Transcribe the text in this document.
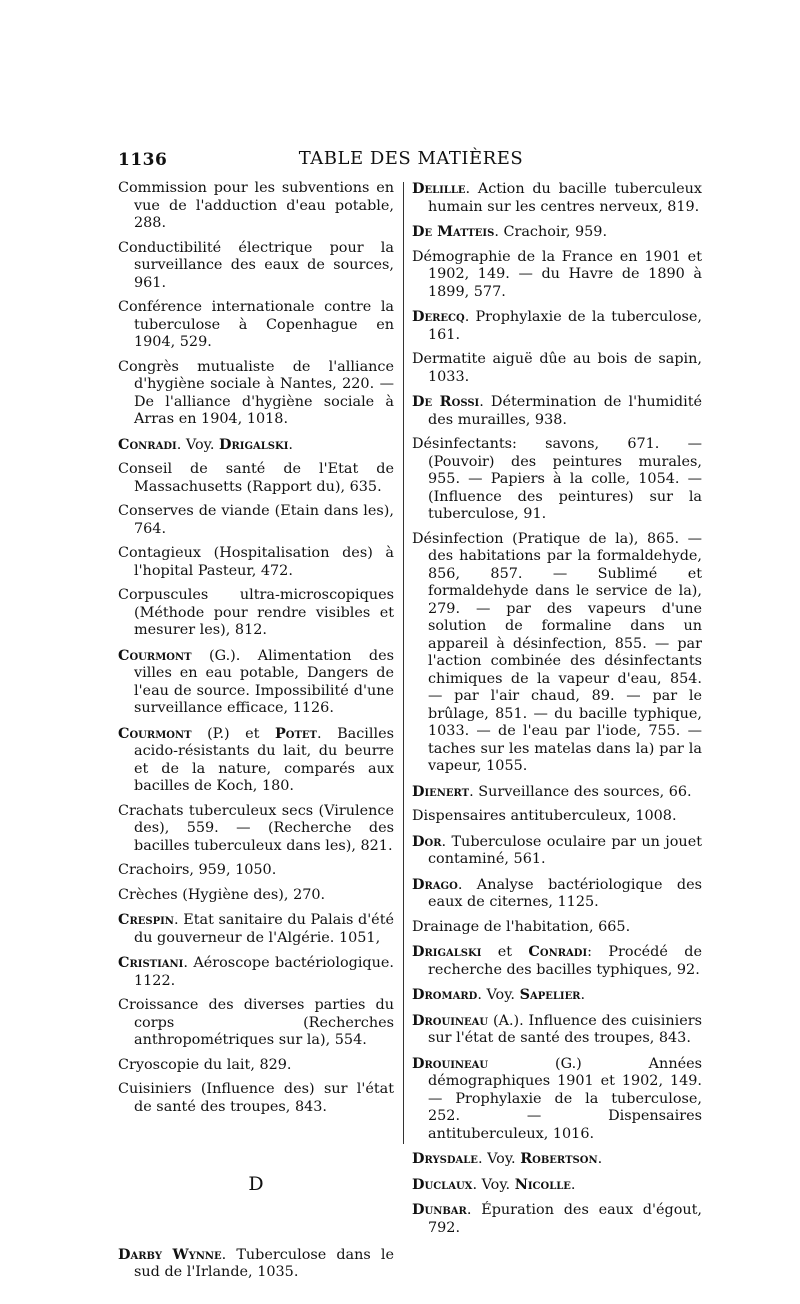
1136	TABLE DES MATIÈRES

Commission pour les subventions en vue de l'adduction d'eau potable, 288.

Conductibilité électrique pour la surveillance des eaux de sources, 961.

Conférence internationale contre la tuberculose à Copenhague en 1904, 529.

Congrès mutualiste de l'alliance d'hygiène sociale à Nantes, 220. — De l'alliance d'hygiène sociale à Arras en 1904, 1018.

Conradi. Voy. Drigalski.

Conseil de santé de l'Etat de Massachusetts (Rapport du), 635.

Conserves de viande (Etain dans les), 764.

Contagieux (Hospitalisation des) à l'hopital Pasteur, 472.

Corpuscules ultra-microscopiques (Méthode pour rendre visibles et mesurer les), 812.

Courmont (G.). Alimentation des villes en eau potable, Dangers de l'eau de source. Impossibilité d'une surveillance efficace, 1126.

Courmont (P.) et Potet. Bacilles acido-résistants du lait, du beurre et de la nature, comparés aux bacilles de Koch, 180.

Crachats tuberculeux secs (Virulence des), 559. — (Recherche des bacilles tuberculeux dans les), 821.

Crachoirs, 959, 1050.

Crèches (Hygiène des), 270.

Crespin. Etat sanitaire du Palais d'été du gouverneur de l'Algérie. 1051,

Cristiani. Aéroscope bactériologique. 1122.

Croissance des diverses parties du corps (Recherches anthropométriques sur la), 554.

Cryoscopie du lait, 829.

Cuisiniers (Influence des) sur l'état de santé des troupes, 843.

D

Darby Wynne. Tuberculose dans le sud de l'Irlande, 1035.

Delille. Action du bacille tuberculeux humain sur les centres nerveux, 819.

De Matteis. Crachoir, 959.

Démographie de la France en 1901 et 1902, 149. — du Havre de 1890 à 1899, 577.

Derecq. Prophylaxie de la tuberculose, 161.

Dermatite aiguë dûe au bois de sapin, 1033.

De Rossi. Détermination de l'humidité des murailles, 938.

Désinfectants: savons, 671. — (Pouvoir) des peintures murales, 955. — Papiers à la colle, 1054. — (Influence des peintures) sur la tuberculose, 91.

Désinfection (Pratique de la), 865. — des habitations par la formaldehyde, 856, 857. — Sublimé et formaldehyde dans le service de la), 279. — par des vapeurs d'une solution de formaline dans un appareil à désinfection, 855. — par l'action combinée des désinfectants chimiques de la vapeur d'eau, 854. — par l'air chaud, 89. — par le brûlage, 851. — du bacille typhique, 1033. — de l'eau par l'iode, 755. — taches sur les matelas dans la) par la vapeur, 1055.

Dienert. Surveillance des sources, 66.

Dispensaires antituberculeux, 1008.

Dor. Tuberculose oculaire par un jouet contaminé, 561.

Drago. Analyse bactériologique des eaux de citernes, 1125.

Drainage de l'habitation, 665.

Drigalski et Conradi: Procédé de recherche des bacilles typhiques, 92.

Dromard. Voy. Sapelier.

Drouineau (A.). Influence des cuisiniers sur l'état de santé des troupes, 843.

Drouineau (G.) Années démographiques 1901 et 1902, 149. — Prophylaxie de la tuberculose, 252. — Dispensaires antituberculeux, 1016.

Drysdale. Voy. Robertson.

Duclaux. Voy. Nicolle.

Dunbar. Épuration des eaux d'égout, 792.
